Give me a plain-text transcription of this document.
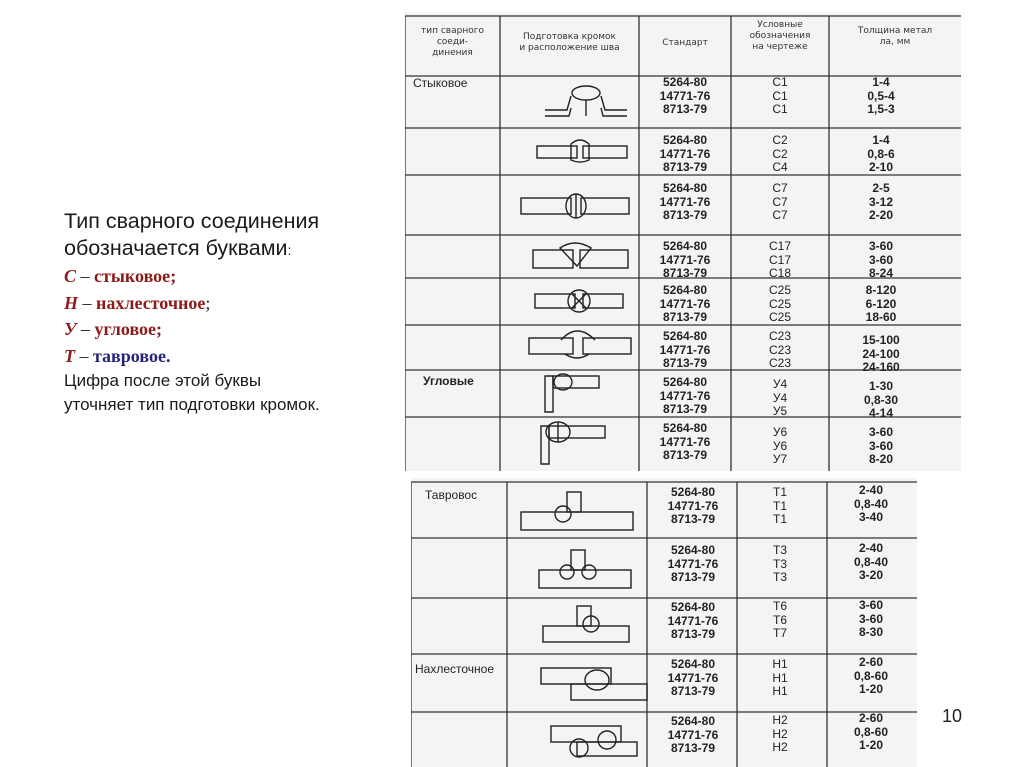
Тип сварного соединения
обозначается буквами:
С – стыковое;
Н – нахлесточное;
У – угловое;
Т – тавровое.
Цифра после этой буквы
уточняет тип подготовки кромок.
тип сварного соеди-
динения
Подготовка кромок
и расположение шва	Стандарт
Условные
обозначения
на чертеже
Толщина метал
ла, мм
Стыковое
Угловые
5264-80
14771-76
8713-79
С1
С1
С1
1-4
0,5-4
1,5-3
5264-80
14771-76
8713-79
С2
С2
С4
1-4
0,8-6
2-10
5264-80
14771-76
8713-79
С7
С7
С7
2-5
3-12
2-20
5264-80
14771-76
8713-79
С17
С17
С18
3-60
3-60
8-24
5264-80
14771-76
8713-79
С25
С25
С25
8-120
6-120
18-60
5264-80
14771-76
8713-79
С23
С23
С23
15-100
24-100
24-160
5264-80
14771-76
8713-79
У4
У4
У5
1-30
0,8-30
4-14
5264-80
14771-76
8713-79
У6
У6
У7
3-60
3-60
8-20
Тавровос
Нахлесточное
5264-80
14771-76
8713-79
Т1
Т1
Т1
2-40
0,8-40
3-40
5264-80
14771-76
8713-79
Т3
Т3
Т3
2-40
0,8-40
3-20
5264-80
14771-76
8713-79
Т6
Т6
Т7
3-60
3-60
8-30
5264-80
14771-76
8713-79
Н1
Н1
Н1
2-60
0,8-60
1-20
5264-80
14771-76
8713-79
Н2
Н2
Н2
2-60
0,8-60
1-20
10
